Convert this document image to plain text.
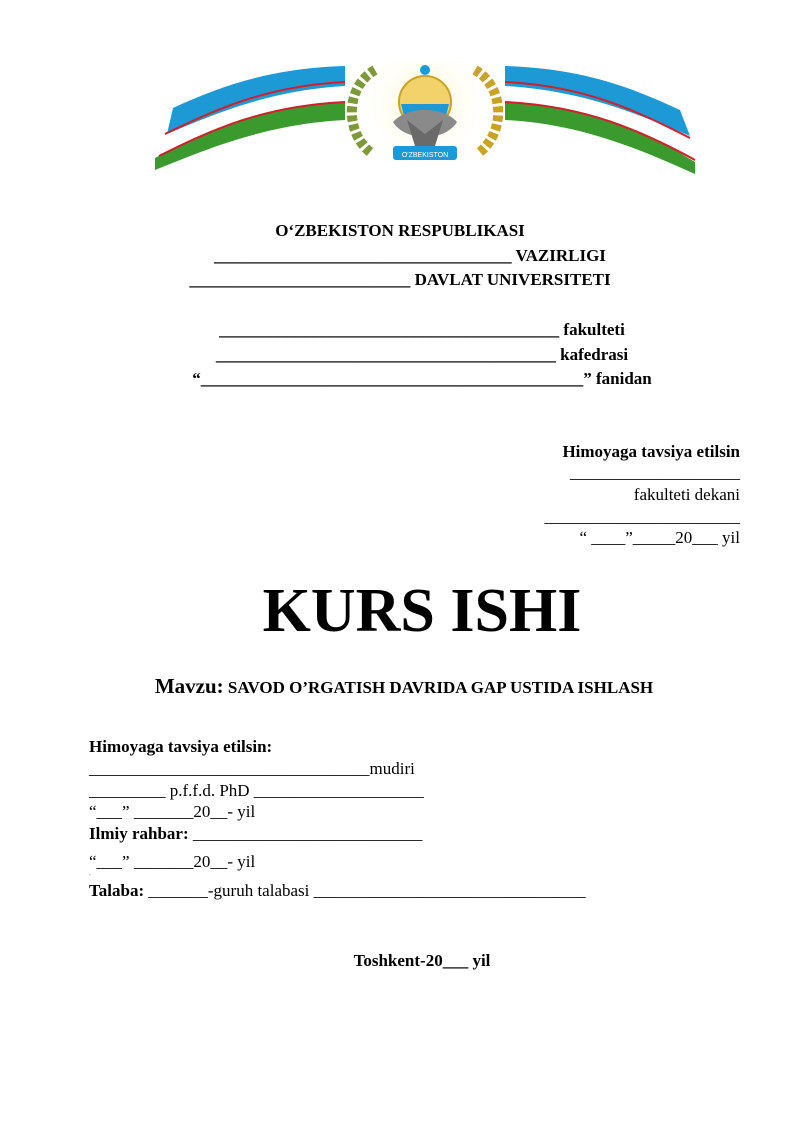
O'ZBEKISTON
O‘ZBEKISTON RESPUBLIKASI
___________________________________ VAZIRLIGI
__________________________ DAVLAT UNIVERSITETI
________________________________________ fakulteti
________________________________________ kafedrasi
“_____________________________________________” fanidan
Himoyaga tavsiya etilsin
____________________
fakulteti dekani
_______________________
“ ____”_____20___ yil
KURS ISHI

Mavzu: SAVOD O’RGATISH DAVRIDA GAP USTIDA ISHLASH

Himoyaga tavsiya etilsin:
_________________________________mudiri
_________ p.f.f.d. PhD ____________________
“___” _______20__- yil
Ilmiy rahbar: ___________________________
“___” _______20__- yil
`
Talaba: _______-guruh talabasi ________________________________
Toshkent-20___ yil
